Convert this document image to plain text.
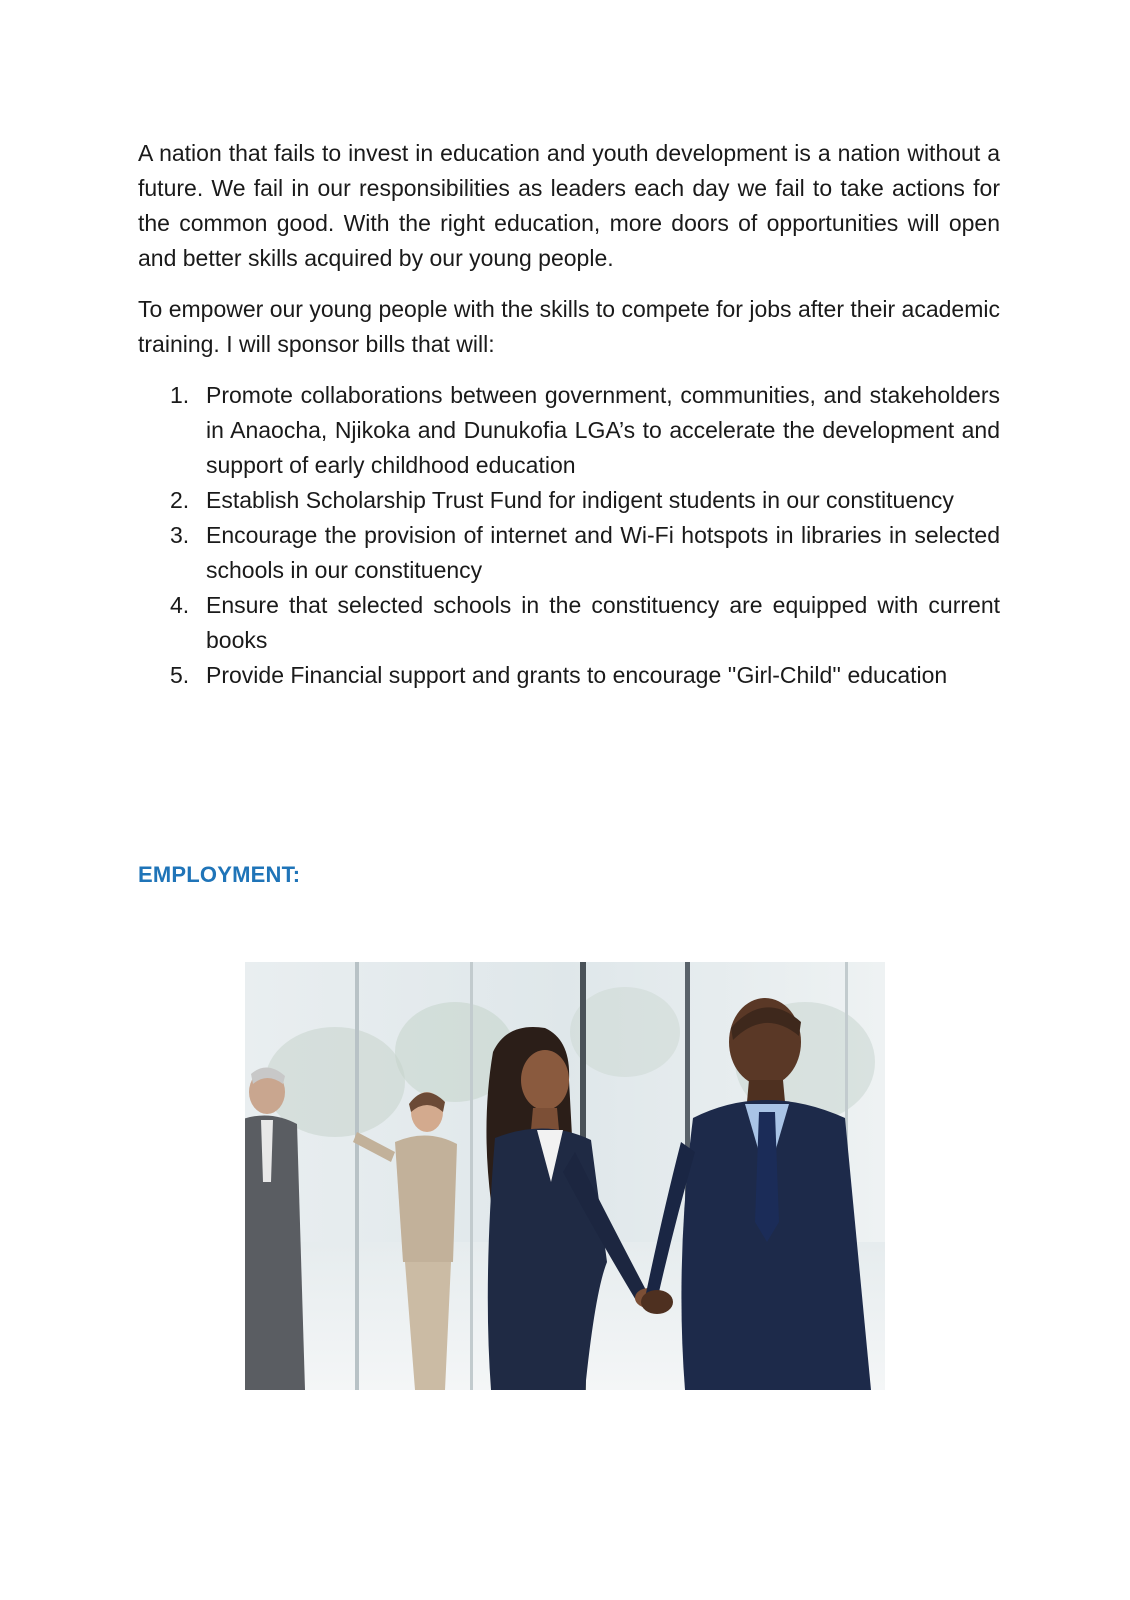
A nation that fails to invest in education and youth development is a nation without a future. We fail in our responsibilities as leaders each day we fail to take actions for the common good. With the right education, more doors of opportunities will open and better skills acquired by our young people.

To empower our young people with the skills to compete for jobs after their academic training. I will sponsor bills that will:

1. Promote collaborations between government, communities, and stakeholders in Anaocha, Njikoka and Dunukofia LGA’s to accelerate the development and support of early childhood education
2. Establish Scholarship Trust Fund for indigent students in our constituency
3. Encourage the provision of internet and Wi-Fi hotspots in libraries in selected schools in our constituency
4. Ensure that selected schools in the constituency are equipped with current books
5. Provide Financial support and grants to encourage ''Girl-Child'' education
EMPLOYMENT:
